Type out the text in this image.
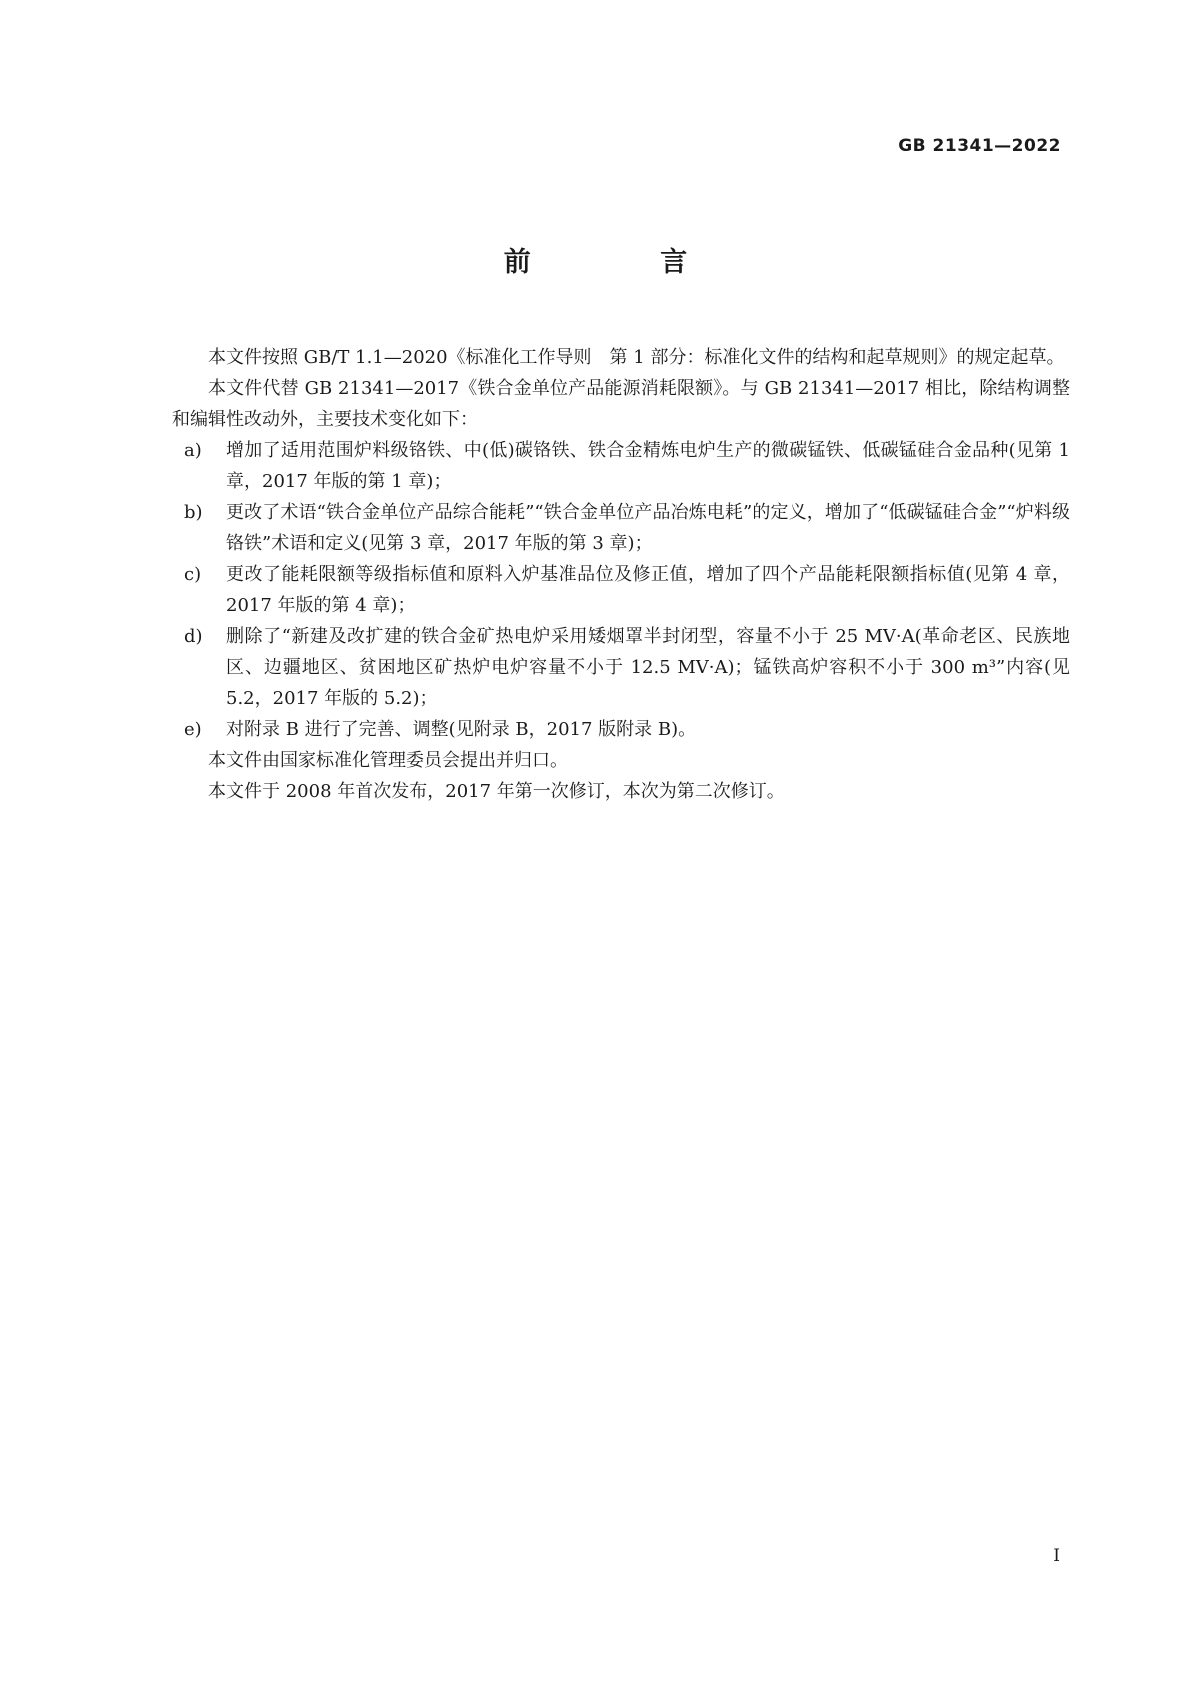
GB 21341—2022
前 言

本文件按照 GB/T 1.1—2020《标准化工作导则　第 1 部分：标准化文件的结构和起草规则》的规定起草。

本文件代替 GB 21341—2017《铁合金单位产品能源消耗限额》。与 GB 21341—2017 相比，除结构调整和编辑性改动外，主要技术变化如下：

a)	增加了适用范围炉料级铬铁、中(低)碳铬铁、铁合金精炼电炉生产的微碳锰铁、低碳锰硅合金品种(见第 1 章，2017 年版的第 1 章)；
b)	更改了术语“铁合金单位产品综合能耗”“铁合金单位产品冶炼电耗”的定义，增加了“低碳锰硅合金”“炉料级铬铁”术语和定义(见第 3 章，2017 年版的第 3 章)；
c)	更改了能耗限额等级指标值和原料入炉基准品位及修正值，增加了四个产品能耗限额指标值(见第 4 章，2017 年版的第 4 章)；
d)	删除了“新建及改扩建的铁合金矿热电炉采用矮烟罩半封闭型，容量不小于 25 MV·A(革命老区、民族地区、边疆地区、贫困地区矿热炉电炉容量不小于 12.5 MV·A)；锰铁高炉容积不小于 300 m³”内容(见 5.2，2017 年版的 5.2)；
e)	对附录 B 进行了完善、调整(见附录 B，2017 版附录 B)。

本文件由国家标准化管理委员会提出并归口。

本文件于 2008 年首次发布，2017 年第一次修订，本次为第二次修订。

I
